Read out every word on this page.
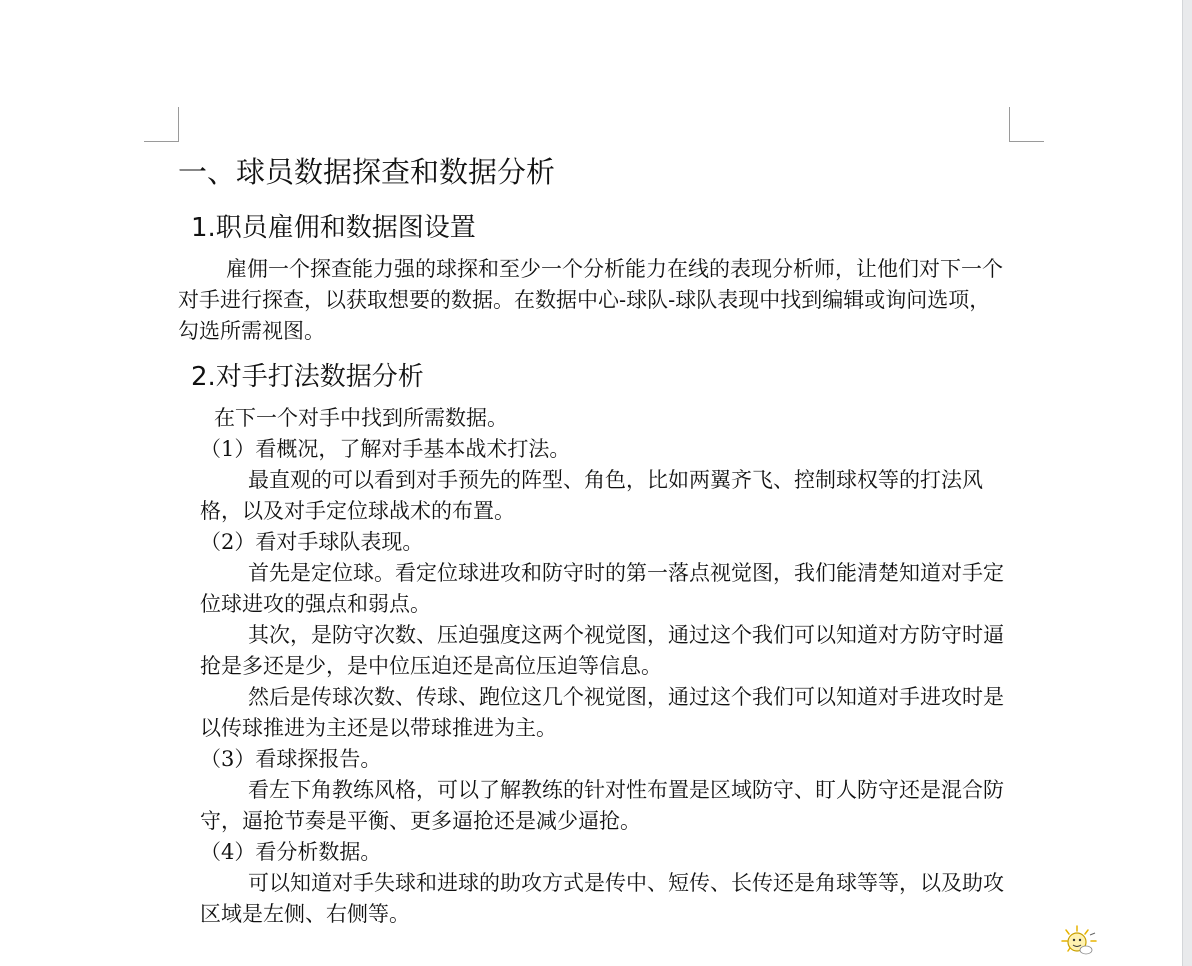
一、球员数据探查和数据分析
1.职员雇佣和数据图设置

雇佣一个探查能力强的球探和至少一个分析能力在线的表现分析师，让他们对下一个对手进行探查，以获取想要的数据。在数据中心-球队-球队表现中找到编辑或询问选项，勾选所需视图。

2.对手打法数据分析

在下一个对手中找到所需数据。

（1）看概况，了解对手基本战术打法。

最直观的可以看到对手预先的阵型、角色，比如两翼齐飞、控制球权等的打法风格，以及对手定位球战术的布置。

（2）看对手球队表现。

首先是定位球。看定位球进攻和防守时的第一落点视觉图，我们能清楚知道对手定位球进攻的强点和弱点。

其次，是防守次数、压迫强度这两个视觉图，通过这个我们可以知道对方防守时逼抢是多还是少，是中位压迫还是高位压迫等信息。

然后是传球次数、传球、跑位这几个视觉图，通过这个我们可以知道对手进攻时是以传球推进为主还是以带球推进为主。

（3）看球探报告。

看左下角教练风格，可以了解教练的针对性布置是区域防守、盯人防守还是混合防守，逼抢节奏是平衡、更多逼抢还是减少逼抢。

（4）看分析数据。

可以知道对手失球和进球的助攻方式是传中、短传、长传还是角球等等，以及助攻区域是左侧、右侧等。
